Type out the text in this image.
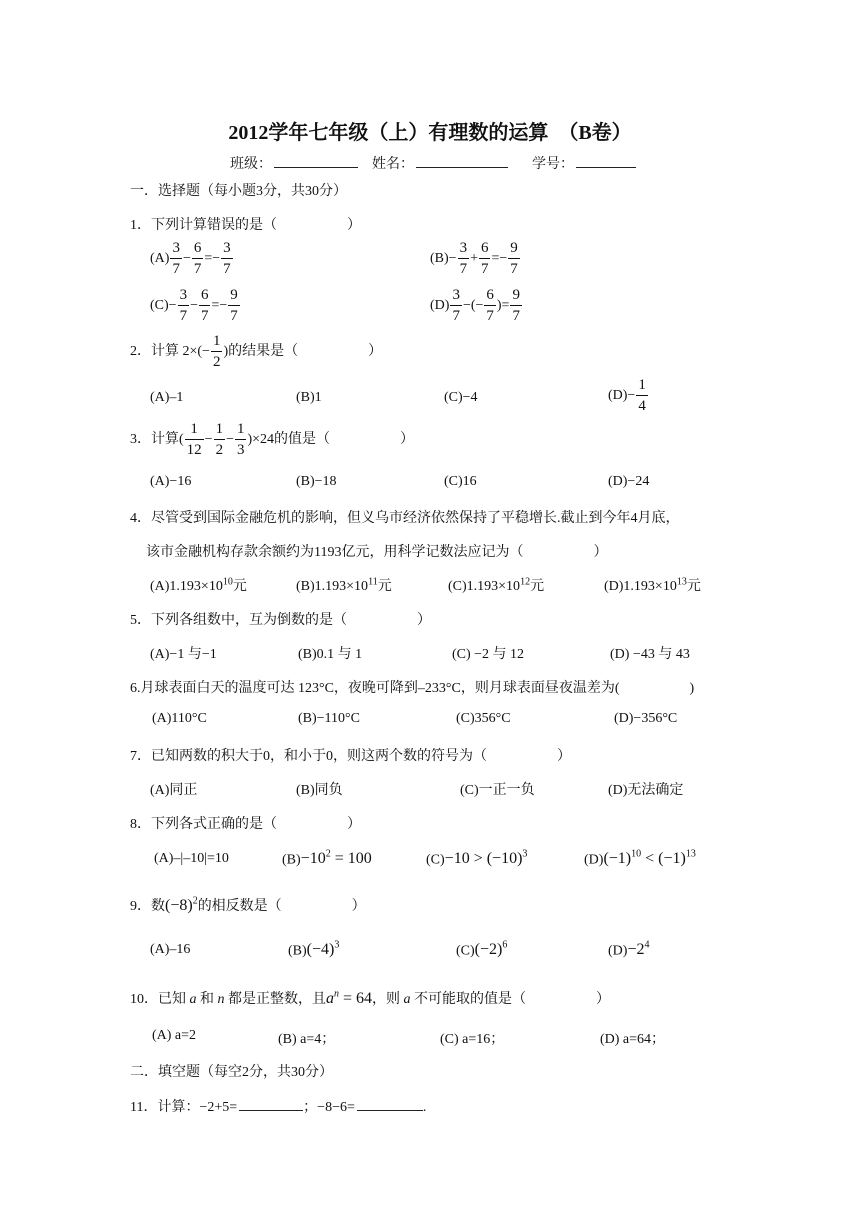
2012学年七年级（上）有理数的运算　（B卷）
班级：	姓名：	学号：
一．选择题（每小题3分，共30分）
1．下列计算错误的是（　　　　　）
$(A) \frac{3}{7} - \frac{6}{7} =- \frac{3}{7}$	$(B)- \frac{3}{7} + \frac{6}{7} =- \frac{9}{7}$
$(C)- \frac{3}{7} - \frac{6}{7} =- \frac{9}{7}$	$(D) \frac{3}{7}$ −(− $\frac{6}{7}$ )= $\frac{9}{7}$
2．计算 $2\times(- \frac{1}{2}$ )的结果是（　　　　　）
(A)–1	(B)1	(C)−4	$(D)- \frac{1}{4}$
3．计算( $\frac{1}{12} - \frac{1}{2} - \frac{1}{3} )\times 24$的值是（　　　　　）
(A)−16	(B)−18	(C)16	(D)−24
4．尽管受到国际金融危机的影响，但义乌市经济依然保持了平稳增长.截止到今年4月底，
该市金融机构存款余额约为1193亿元，用科学记数法应记为（　　　　　）
$(A)1.193\times 10^{10}$元	$(B)1.193\times 10^{11}$元	$(C)1.193\times 10^{12}$元	$(D)1.193\times 10^{13}$元
5．下列各组数中，互为倒数的是（　　　　　）
(A)−1 与−1	(B)0.1 与 1	(C) −2 与 12	(D) −43 与 43
6.月球表面白天的温度可达 123°C，夜晚可降到–233°C，则月球表面昼夜温差为(　　　　　)
(A)110°C	(B)−110°C	(C)356°C	(D)−356°C
7．已知两数的积大于0，和小于0，则这两个数的符号为（　　　　　）
(A)同正	(B)同负	(C)一正一负	(D)无法确定
8．下列各式正确的是（　　　　　）
(A)–|–10|=10	$(B)-10^2 = 100$	$(C)-10 > (-10)^3$	$(D)(-1)^{10} < (-1)^{13}$
9．数$(-8)^2$的相反数是（　　　　　）
(A)–16	$(B)(-4)^3$	$(C)(-2)^6$	$(D)-2^4$
10．已知 a 和 n 都是正整数，且$a^n = 64$，则 a 不可能取的值是（　　　　　）
(A) a=2	(B) a=4；	(C) a=16；	(D) a=64；
二．填空题（每空2分，共30分）
11．计算：−2+5=	；−8−6=	.
